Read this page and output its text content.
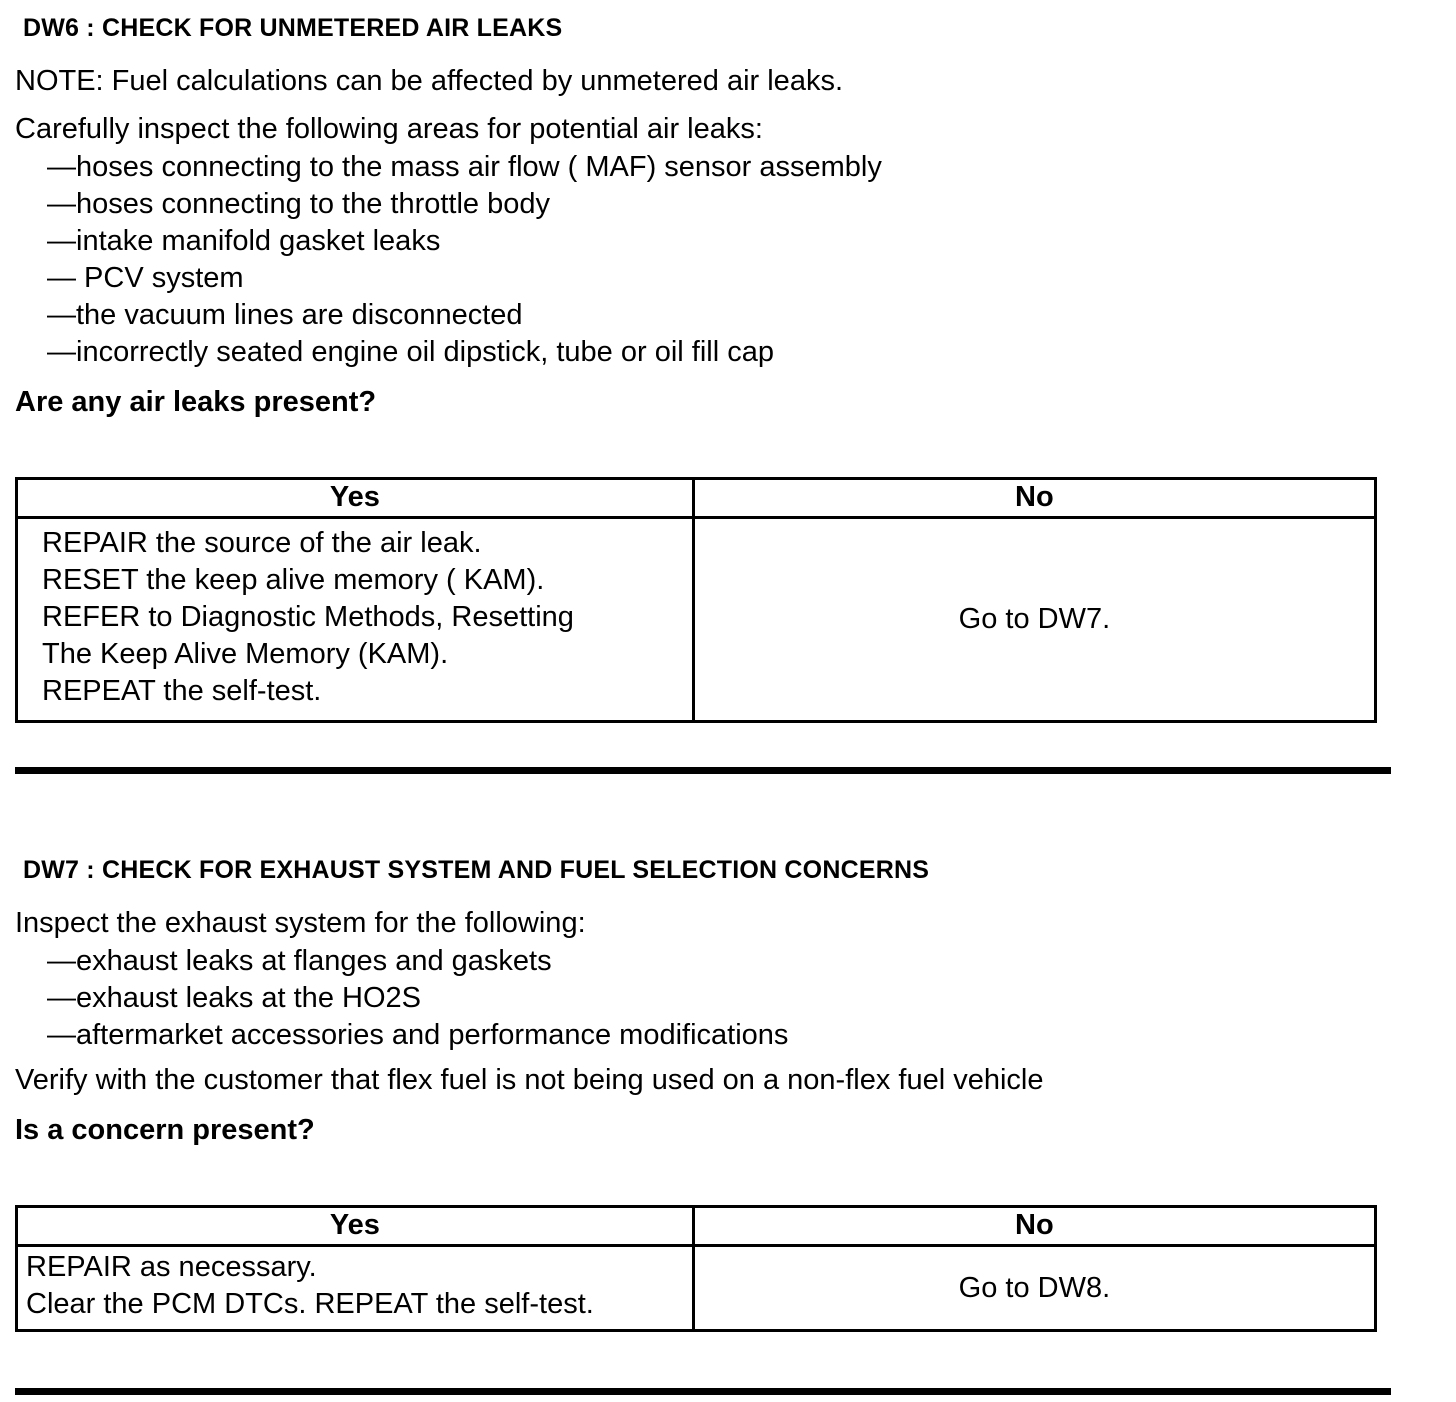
DW6 : CHECK FOR UNMETERED AIR LEAKS

NOTE: Fuel calculations can be affected by unmetered air leaks.

Carefully inspect the following areas for potential air leaks:

—hoses connecting to the mass air flow ( MAF) sensor assembly
—hoses connecting to the throttle body
—intake manifold gasket leaks
— PCV system
—the vacuum lines are disconnected
—incorrectly seated engine oil dipstick, tube or oil fill cap

Are any air leaks present?

Yes	No

REPAIR the source of the air leak.
RESET the keep alive memory ( KAM).
REFER to Diagnostic Methods, Resetting
The Keep Alive Memory (KAM).
REPEAT the self-test.	Go to DW7.
DW7 : CHECK FOR EXHAUST SYSTEM AND FUEL SELECTION CONCERNS

Inspect the exhaust system for the following:

—exhaust leaks at flanges and gaskets
—exhaust leaks at the HO2S
—aftermarket accessories and performance modifications

Verify with the customer that flex fuel is not being used on a non-flex fuel vehicle

Is a concern present?

Yes	No

REPAIR as necessary.
Clear the PCM DTCs. REPEAT the self-test.	Go to DW8.
